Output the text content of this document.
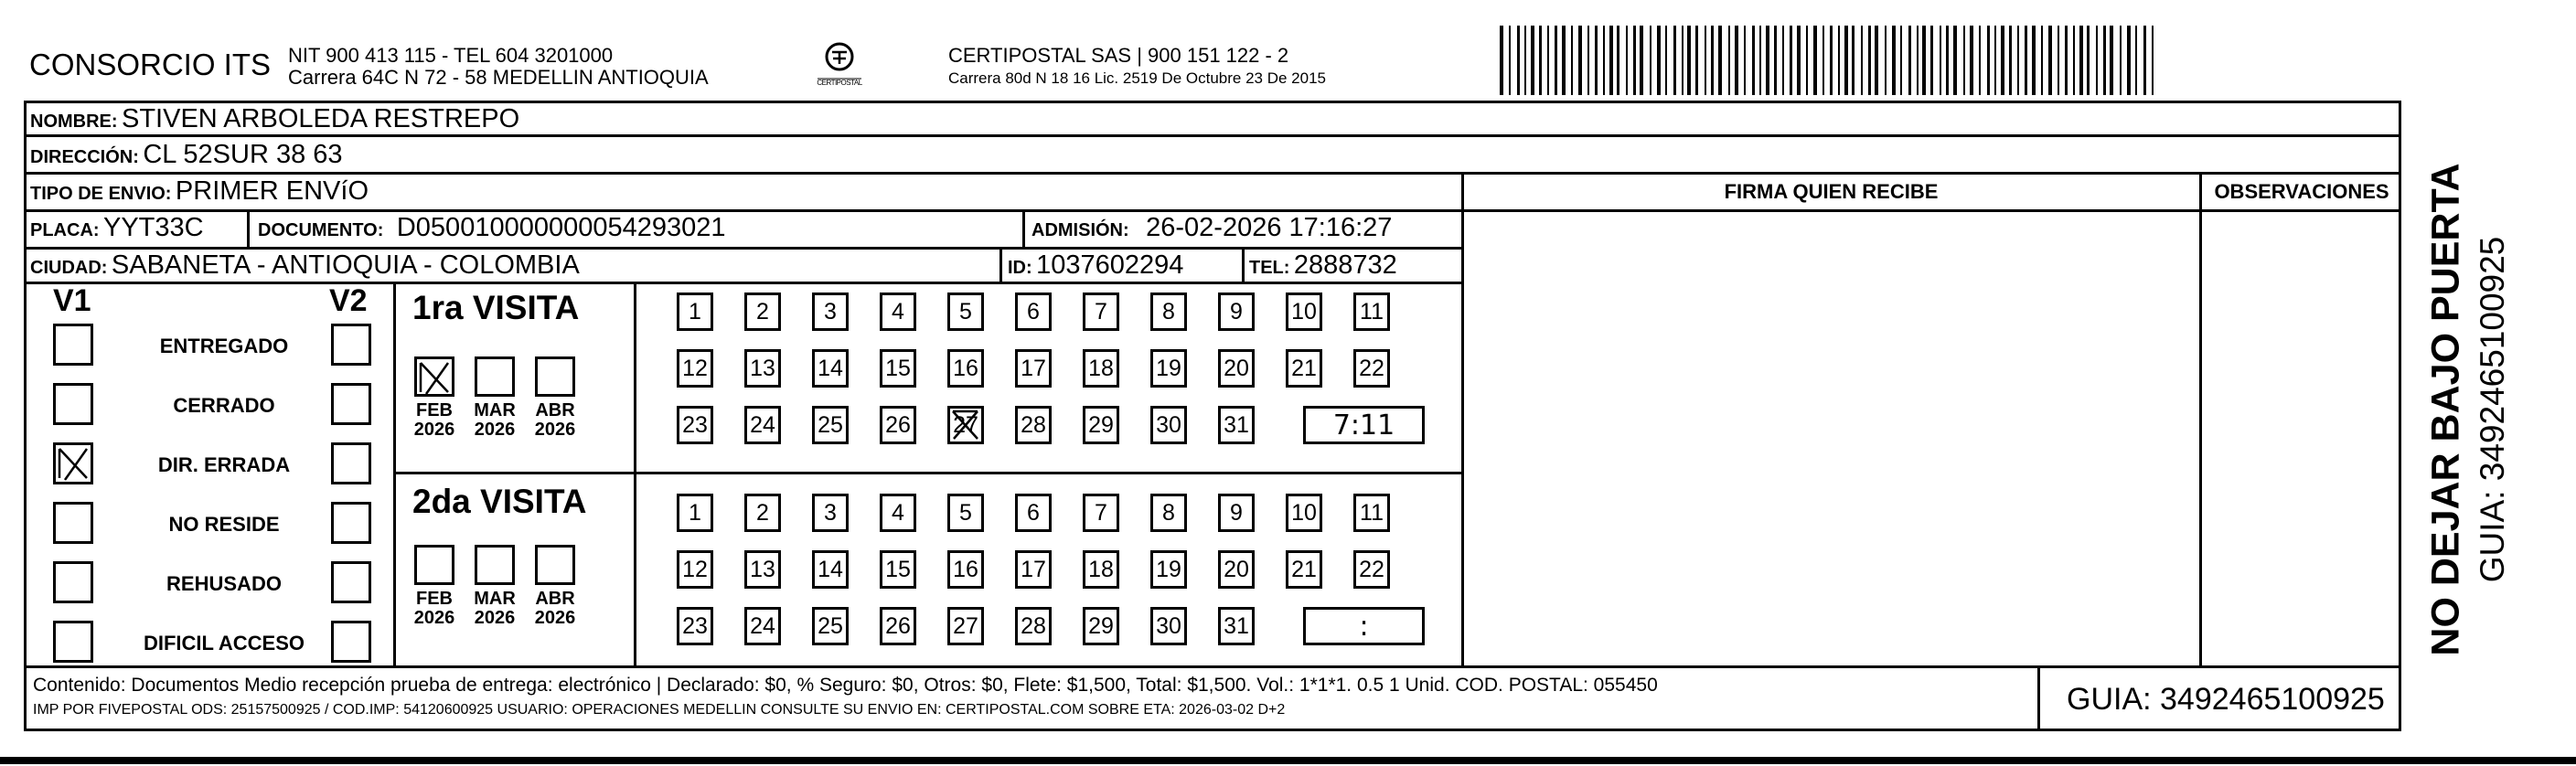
CONSORCIO ITS NIT 900 413 115 - TEL 604 3201000
Carrera 64C N 72 - 58 MEDELLIN ANTIOQUIA	CERTIPOSTAL
CERTIPOSTAL SAS | 900 151 122 - 2
Carrera 80d N 18 16 Lic. 2519 De Octubre 23 De 2015
NOMBRE: STIVEN ARBOLEDA RESTREPO
DIRECCIÓN: CL 52SUR 38 63
TIPO DE ENVIO: PRIMER ENVíO	FIRMA QUIEN RECIBE	OBSERVACIONES
PLACA: YYT33C	DOCUMENTO: D050010000000054293021	ADMISIÓN: 26-02-2026 17:16:27
CIUDAD: SABANETA - ANTIOQUIA - COLOMBIA	ID: 1037602294	TEL: 2888732
V1	V2 1ra VISITA
2da VISITA
Contenido: Documentos Medio recepción prueba de entrega: electrónico | Declarado: $0, % Seguro: $0, Otros: $0, Flete: $1,500, Total: $1,500. Vol.: 1*1*1. 0.5 1 Unid. COD. POSTAL: 055450
IMP POR FIVEPOSTAL ODS: 25157500925 / COD.IMP: 54120600925 USUARIO: OPERACIONES MEDELLIN CONSULTE SU ENVIO EN: CERTIPOSTAL.COM SOBRE ETA: 2026-03-02 D+2	GUIA: 3492465100925
NO DEJAR BAJO PUERTA GUIA: 3492465100925
ENTREGADO
CERRADO
DIR. ERRADA
NO RESIDE
REHUSADO
DIFICIL ACCESO
FEB
2026
MAR
2026
ABR
2026
FEB
2026
MAR
2026
ABR
2026
1	2	3	4	5	6	7	8	9	10 11
12 13 14 15 16 17 18 19 20 21 22
23 24 25 26 27 28 29 30 31	7:11
1	2	3	4	5	6	7	8	9	10 11
12 13 14 15 16 17 18 19 20 21 22
23 24 25 26 27 28 29 30 31	:
